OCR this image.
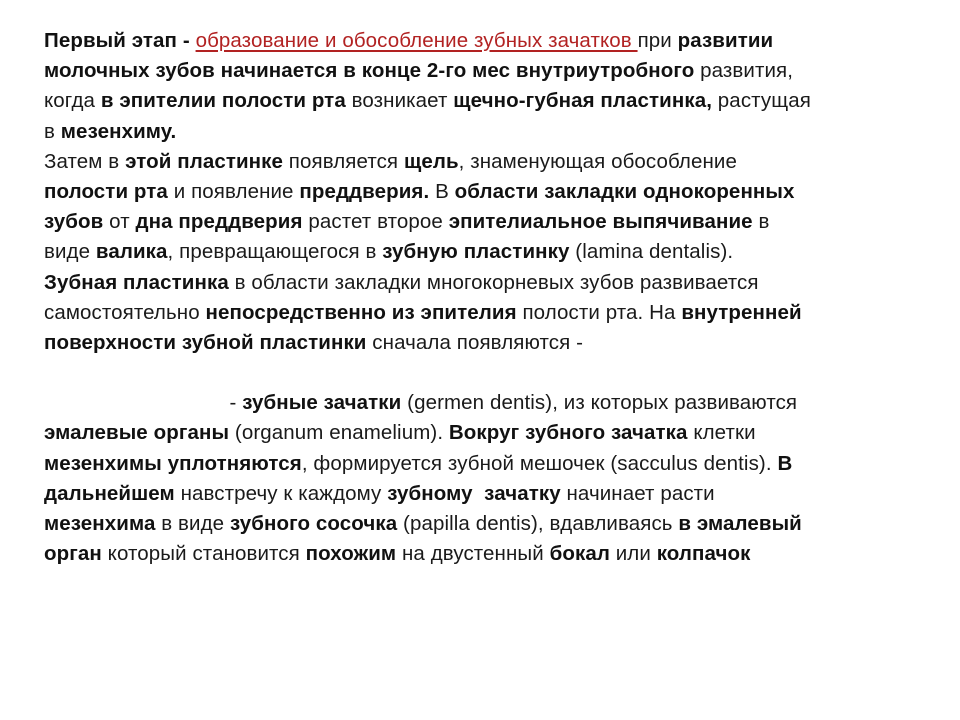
Первый этап - образование и обособление зубных зачатков при развитии
молочных зубов начинается в конце 2-го мес внутриутробного развития,
когда в эпителии полости рта возникает щечно-губная пластинка, растущая
в мезенхиму.
Затем в этой пластинке появляется щель, знаменующая обособление
полости рта и появление преддверия. В области закладки однокоренных
зубов от дна преддверия растет второе эпителиальное выпячивание в
виде валика, превращающегося в зубную пластинку (lamina dentalis).
Зубная пластинка в области закладки многокорневых зубов развивается
самостоятельно непосредственно из эпителия полости рта. На внутренней
поверхности зубной пластинки сначала появляются -
- зубные зачатки (germen dentis), из которых развиваются
эмалевые органы (organum enamelium). Вокруг зубного зачатка клетки
мезенхимы уплотняются, формируется зубной мешочек (sacculus dentis). В
дальнейшем навстречу к каждому зубному  зачатку начинает расти
мезенхима в виде зубного сосочка (papilla dentis), вдавливаясь в эмалевый
орган который становится похожим на двустенный бокал или колпачок
